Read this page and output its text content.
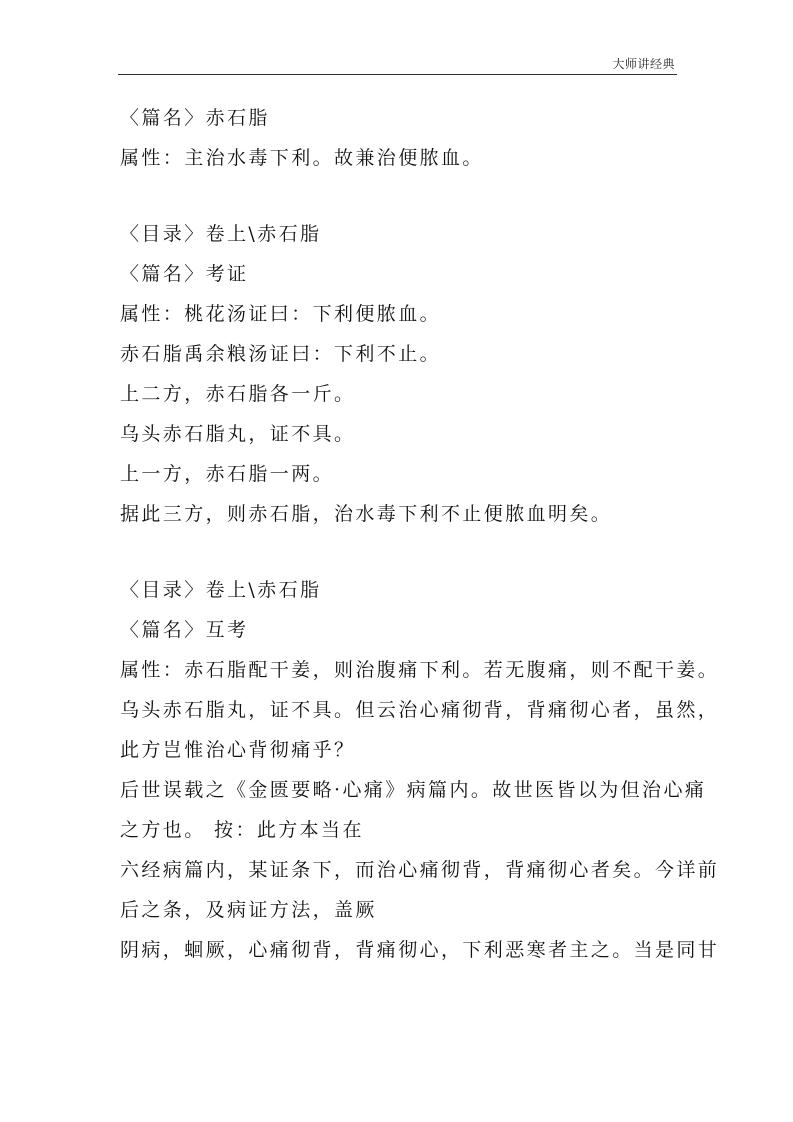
大师讲经典
〈篇名〉赤石脂
属性：主治水毒下利。故兼治便脓血。
〈目录〉卷上\赤石脂
〈篇名〉考证
属性：桃花汤证曰：下利便脓血。
赤石脂禹余粮汤证曰：下利不止。
上二方，赤石脂各一斤。
乌头赤石脂丸，证不具。
上一方，赤石脂一两。
据此三方，则赤石脂，治水毒下利不止便脓血明矣。
〈目录〉卷上\赤石脂
〈篇名〉互考
属性：赤石脂配干姜，则治腹痛下利。若无腹痛，则不配干姜。
乌头赤石脂丸，证不具。但云治心痛彻背，背痛彻心者，虽然，
此方岂惟治心背彻痛乎？
后世误载之《金匮要略·心痛》病篇内。故世医皆以为但治心痛
之方也。 按：此方本当在
六经病篇内，某证条下，而治心痛彻背，背痛彻心者矣。今详前
后之条，及病证方法，盖厥
阴病，蛔厥，心痛彻背，背痛彻心，下利恶寒者主之。当是同甘
